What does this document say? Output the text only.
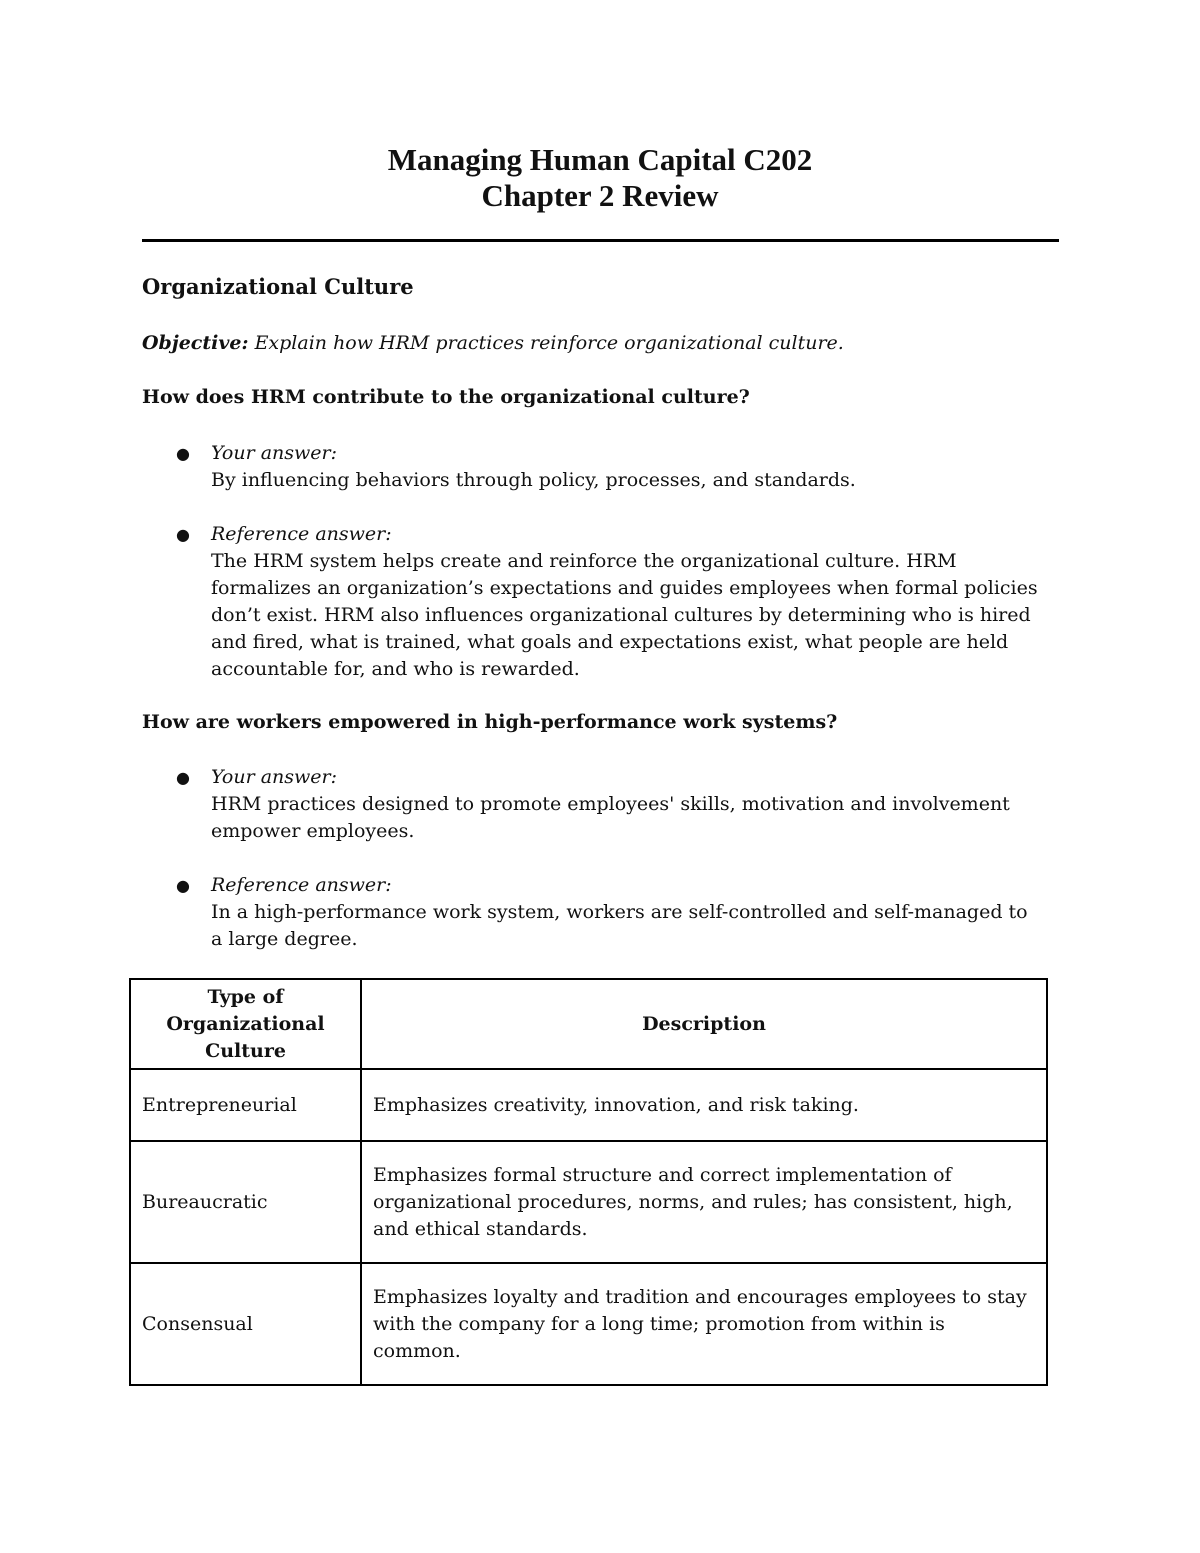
Managing Human Capital C202
Chapter 2 Review
Organizational Culture
Objective: Explain how HRM practices reinforce organizational culture.
How does HRM contribute to the organizational culture?
● Your answer:
By influencing behaviors through policy, processes, and standards.
● Reference answer:
The HRM system helps create and reinforce the organizational culture. HRM formalizes an organization’s expectations and guides employees when formal policies don’t exist. HRM also influences organizational cultures by determining who is hired and fired, what is trained, what goals and expectations exist, what people are held accountable for, and who is rewarded.
How are workers empowered in high-performance work systems?
● Your answer:
HRM practices designed to promote employees' skills, motivation and involvement empower employees.
● Reference answer:
In a high-performance work system, workers are self-controlled and self-managed to a large degree.
Type of Organizational Culture	Description
Entrepreneurial	Emphasizes creativity, innovation, and risk taking.
Bureaucratic	Emphasizes formal structure and correct implementation of organizational procedures, norms, and rules; has consistent, high, and ethical standards.
Consensual	Emphasizes loyalty and tradition and encourages employees to stay with the company for a long time; promotion from within is common.
